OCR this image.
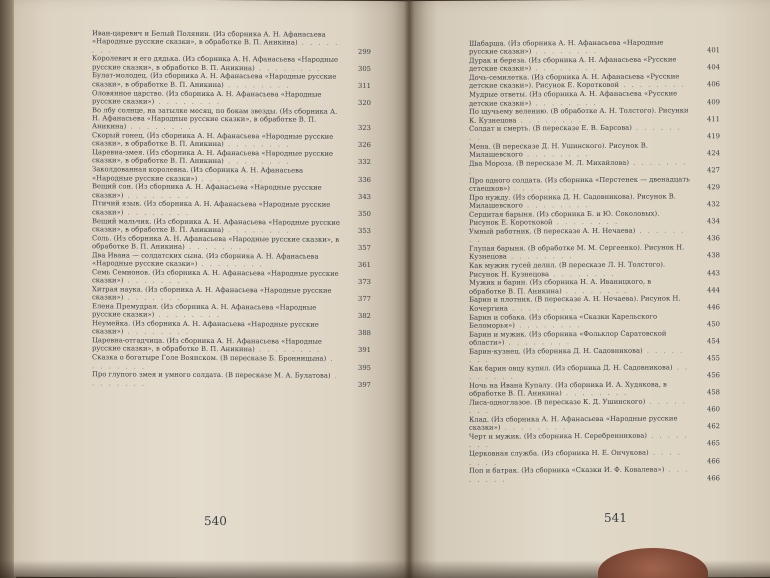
Иван-царевич и Белый Полянин. (Из сборника А. Н. Афанасьева «Народные русские сказки», в обработке В. П. Аникина) . . . . . . . .	299
Королевич и его дядька. (Из сборника А. Н. Афанасьева «Народные русские сказки», в обработке В. П. Аникина) . . . . . . . .	305
Булат-молодец. (Из сборника А. Н. Афанасьева «Народные русские сказки», в обработке В. П. Аникина) . . . . . . . .	311
Оловянное царство. (Из сборника А. Н. Афанасьева «Народные русские сказки») . . . . . . . .	320
Во лбу солнце, на затылке месяц, по бокам звезды. (Из сборника А. Н. Афанасьева «Народные русские сказки», в обработке В. П. Аникина) . . . . . . . .	323
Скорый гонец. (Из сборника А. Н. Афанасьева «Народные русские сказки», в обработке В. П. Аникина) . . . . . . . .	326
Царевна-змея. (Из сборника А. Н. Афанасьева «Народные русские сказки», в обработке В. П. Аникина) . . . . . . . .	332
Заколдованная королевна. (Из сборника А. Н. Афанасьева «Народные русские сказки») . . . . . . . .	336
Вещий сон. (Из сборника А. Н. Афанасьева «Народные русские сказки») . . . . . . . .	343
Птичий язык. (Из сборника А. Н. Афанасьева «Народные русские сказки») . . . . . . . .	350
Вещий мальчик. (Из сборника А. Н. Афанасьева «Народные русские сказки», в обработке В. П. Аникина) . . . . . . . .	353
Соль. (Из сборника А. Н. Афанасьева «Народные русские сказки», в обработке В. П. Аникина) . . . . . . . .	357
Два Ивана — солдатских сына. (Из сборника А. Н. Афанасьева «Народные русские сказки») . . . . . . . .	361
Семь Семионов. (Из сборника А. Н. Афанасьева «Народные русские сказки») . . . . . . . .	373
Хитрая наука. (Из сборника А. Н. Афанасьева «Народные русские сказки») . . . . . . . .	377
Елена Премудрая. (Из сборника А. Н. Афанасьева «Народные русские сказки») . . . . . . . .	382
Неумейка. (Из сборника А. Н. Афанасьева «Народные русские сказки») . . . . . . . .	388
Царевна-отгадчица. (Из сборника А. Н. Афанасьева «Народные русские сказки», в обработке В. П. Аникина) . . . . . . . .	391
Сказка о богатыре Голе Воянском. (В пересказе Б. Бронницына) . . . . . . . .	395
Про глупого змея и умного солдата. (В пересказе М. А. Булатова) . . . . . . . .	397
540
Шабарша. (Из сборника А. Н. Афанасьева «Народные русские сказки») . . . . . . . .	401
Дурак и береза. (Из сборника А. Н. Афанасьева «Русские детские сказки») . . . . . . . .	404
Дочь-семилетка. (Из сборника А. Н. Афанасьева «Русские детские сказки»). Рисунок Е. Коротковой . . . . . . . .	406
Мудрые ответы. (Из сборника А. Н. Афанасьева «Русские детские сказки») . . . . . . . .	409
По щучьему велению. (В обработке А. Н. Толстого). Рисунки К. Кузнецова . . . . . . . .	411
Солдат и смерть. (В пересказе Е. В. Барсова) . . . . . . . .	419
Мена. (В пересказе Д. Н. Ушинского). Рисунок В. Милашевского . . . . . . . .	424
Два Мороза. (В пересказе М. Л. Михайлова) . . . . . . . .	427
Про одного солдата. (Из сборника «Перстенек — двенадцать стаешков») . . . . . . . .	429
Про нужду. (Из сборника Д. Н. Садовникова). Рисунок В. Милашевского . . . . . . . .	432
Сердитая барыня. (Из сборника Б. и Ю. Соколовых). Рисунок Е. Коротковой . . . . . . . .	434
Умный работник. (В пересказе А. Н. Нечаева) . . . . . . . .	436
Глупая барыня. (В обработке М. М. Сергеенко). Рисунок Н. Кузнецова . . . . . . . .	438
Как мужик гусей делил. (В пересказе Л. Н. Толстого). Рисунок Н. Кузнецова . . . . . . . .	443
Мужик и барин. (Из сборника Н. А. Иваницкого, в обработке В. П. Аникина) . . . . . . . .	444
Барин и плотник. (В пересказе А. Н. Нечаева). Рисунок Н. Кочергина . . . . . . . .	446
Барин и собака. (Из сборника «Сказки Карельского Беломорья») . . . . . . . .	450
Барин и мужик. (Из сборника «Фольклор Саратовской области») . . . . . . . .	454
Барин-кузнец. (Из сборника Д. Н. Садовникова) . . . . . . . .	455
Как барин овцу купил. (Из сборника Д. Н. Садовникова) . . . . . . . .	456
Ночь на Ивана Купалу. (Из сборника И. А. Худякова, в обработке В. П. Аникина) . . . . . . . .	458
Лиса-одноглазое. (В пересказе К. Д. Ушинского) . . . . . . . .	460
Клад. (Из сборника А. Н. Афанасьева «Народные русские сказки») . . . . . . . .	462
Черт и мужик. (Из сборника Н. Серебренникова) . . . . . . . .	465
Церковная служба. (Из сборника Н. Е. Ончукова) . . . . . . . .	466
Поп и батрак. (Из сборника «Сказки И. Ф. Ковалева») . . . . . . . .	466
541
